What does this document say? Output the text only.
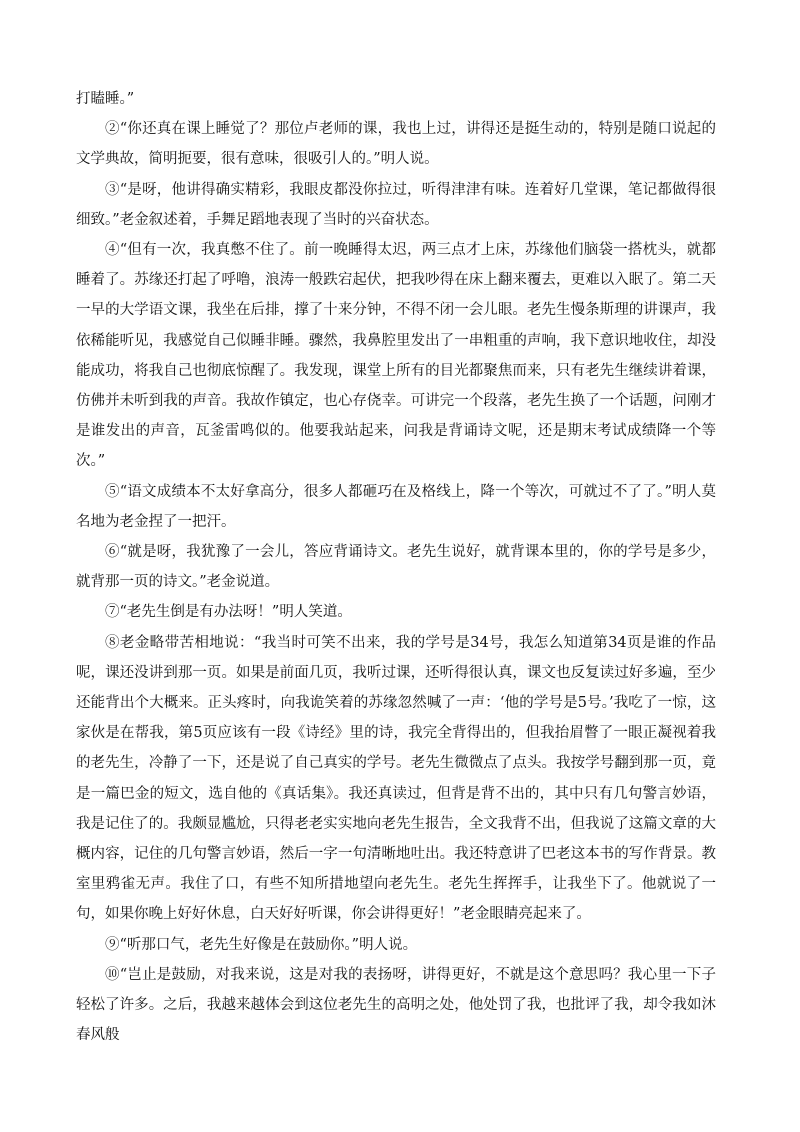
打瞌睡。”

②“你还真在课上睡觉了？那位卢老师的课，我也上过，讲得还是挺生动的，特别是随口说起的文学典故，简明扼要，很有意味，很吸引人的。”明人说。

③“是呀，他讲得确实精彩，我眼皮都没你拉过，听得津津有味。连着好几堂课，笔记都做得很细致。”老金叙述着，手舞足蹈地表现了当时的兴奋状态。

④“但有一次，我真憋不住了。前一晚睡得太迟，两三点才上床，苏缘他们脑袋一搭枕头，就都睡着了。苏缘还打起了呼噜，浪涛一般跌宕起伏，把我吵得在床上翻来覆去，更难以入眠了。第二天一早的大学语文课，我坐在后排，撑了十来分钟，不得不闭一会儿眼。老先生慢条斯理的讲课声，我依稀能听见，我感觉自己似睡非睡。骤然，我鼻腔里发出了一串粗重的声响，我下意识地收住，却没能成功，将我自己也彻底惊醒了。我发现，课堂上所有的目光都聚焦而来，只有老先生继续讲着课，仿佛并未听到我的声音。我故作镇定，也心存侥幸。可讲完一个段落，老先生换了一个话题，问刚才是谁发出的声音，瓦釜雷鸣似的。他要我站起来，问我是背诵诗文呢，还是期末考试成绩降一个等次。”

⑤“语文成绩本不太好拿高分，很多人都砸巧在及格线上，降一个等次，可就过不了了。”明人莫名地为老金捏了一把汗。

⑥“就是呀，我犹豫了一会儿，答应背诵诗文。老先生说好，就背课本里的，你的学号是多少，就背那一页的诗文。”老金说道。

⑦“老先生倒是有办法呀！”明人笑道。

⑧老金略带苦相地说：“我当时可笑不出来，我的学号是34号，我怎么知道第34页是谁的作品呢，课还没讲到那一页。如果是前面几页，我听过课，还听得很认真，课文也反复读过好多遍，至少还能背出个大概来。正头疼时，向我诡笑着的苏缘忽然喊了一声：‘他的学号是5号。’我吃了一惊，这家伙是在帮我，第5页应该有一段《诗经》里的诗，我完全背得出的，但我抬眉瞥了一眼正凝视着我的老先生，冷静了一下，还是说了自己真实的学号。老先生微微点了点头。我按学号翻到那一页，竟是一篇巴金的短文，选自他的《真话集》。我还真读过，但背是背不出的，其中只有几句警言妙语，我是记住了的。我颇显尴尬，只得老老实实地向老先生报告，全文我背不出，但我说了这篇文章的大概内容，记住的几句警言妙语，然后一字一句清晰地吐出。我还特意讲了巴老这本书的写作背景。教室里鸦雀无声。我住了口，有些不知所措地望向老先生。老先生挥挥手，让我坐下了。他就说了一句，如果你晚上好好休息，白天好好听课，你会讲得更好！”老金眼睛亮起来了。

⑨“听那口气，老先生好像是在鼓励你。”明人说。

⑩“岂止是鼓励，对我来说，这是对我的表扬呀，讲得更好，不就是这个意思吗？我心里一下子轻松了许多。之后，我越来越体会到这位老先生的高明之处，他处罚了我，也批评了我，却令我如沐春风般
